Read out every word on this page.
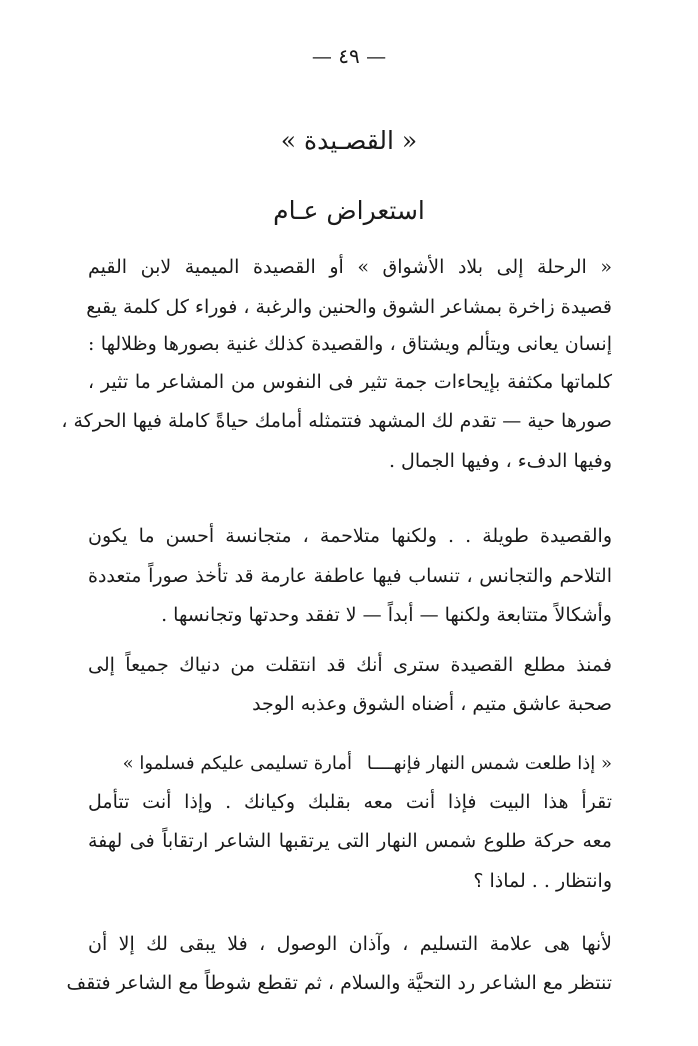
— ٤٩ —
« القصـيدة »
استعراض عـام
« الرحلة إلى بلاد الأشواق » أو القصيدة الميمية لابن القيم
قصيدة زاخرة بمشاعر الشوق والحنين والرغبة ، فوراء كل كلمة يقبع
إنسان يعانى ويتألم ويشتاق ، والقصيدة كذلك غنية بصورها وظلالها :
كلماتها مكثفة بإيحاءات جمة تثير فى النفوس من المشاعر ما تثير ،
صورها حية — تقدم لك المشهد فتتمثله أمامك حياةً كاملة فيها الحركة ،
وفيها الدفء ، وفيها الجمال .
والقصيدة طويلة . . ولكنها متلاحمة ، متجانسة أحسن ما يكون
التلاحم والتجانس ، تنساب فيها عاطفة عارمة قد تأخذ صوراً متعددة
وأشكالاً متتابعة ولكنها — أبداً — لا تفقد وحدتها وتجانسها .
فمنذ مطلع القصيدة سترى أنك قد انتقلت من دنياك جميعاً إلى
صحبة عاشق متيم ، أضناه الشوق وعذبه الوجد
« إذا طلعت شمس النهار فإنهــــاأمارة تسليمى عليكم فسلموا »
تقرأ هذا البيت فإذا أنت معه بقلبك وكيانك . وإذا أنت تتأمل
معه حركة طلوع شمس النهار التى يرتقبها الشاعر ارتقاباً فى لهفة
وانتظار . . لماذا ؟
لأنها هى علامة التسليم ، وآذان الوصول ، فلا يبقى لك إلا أن
تنتظر مع الشاعر رد التحيَّة والسلام ، ثم تقطع شوطاً مع الشاعر فتقف
